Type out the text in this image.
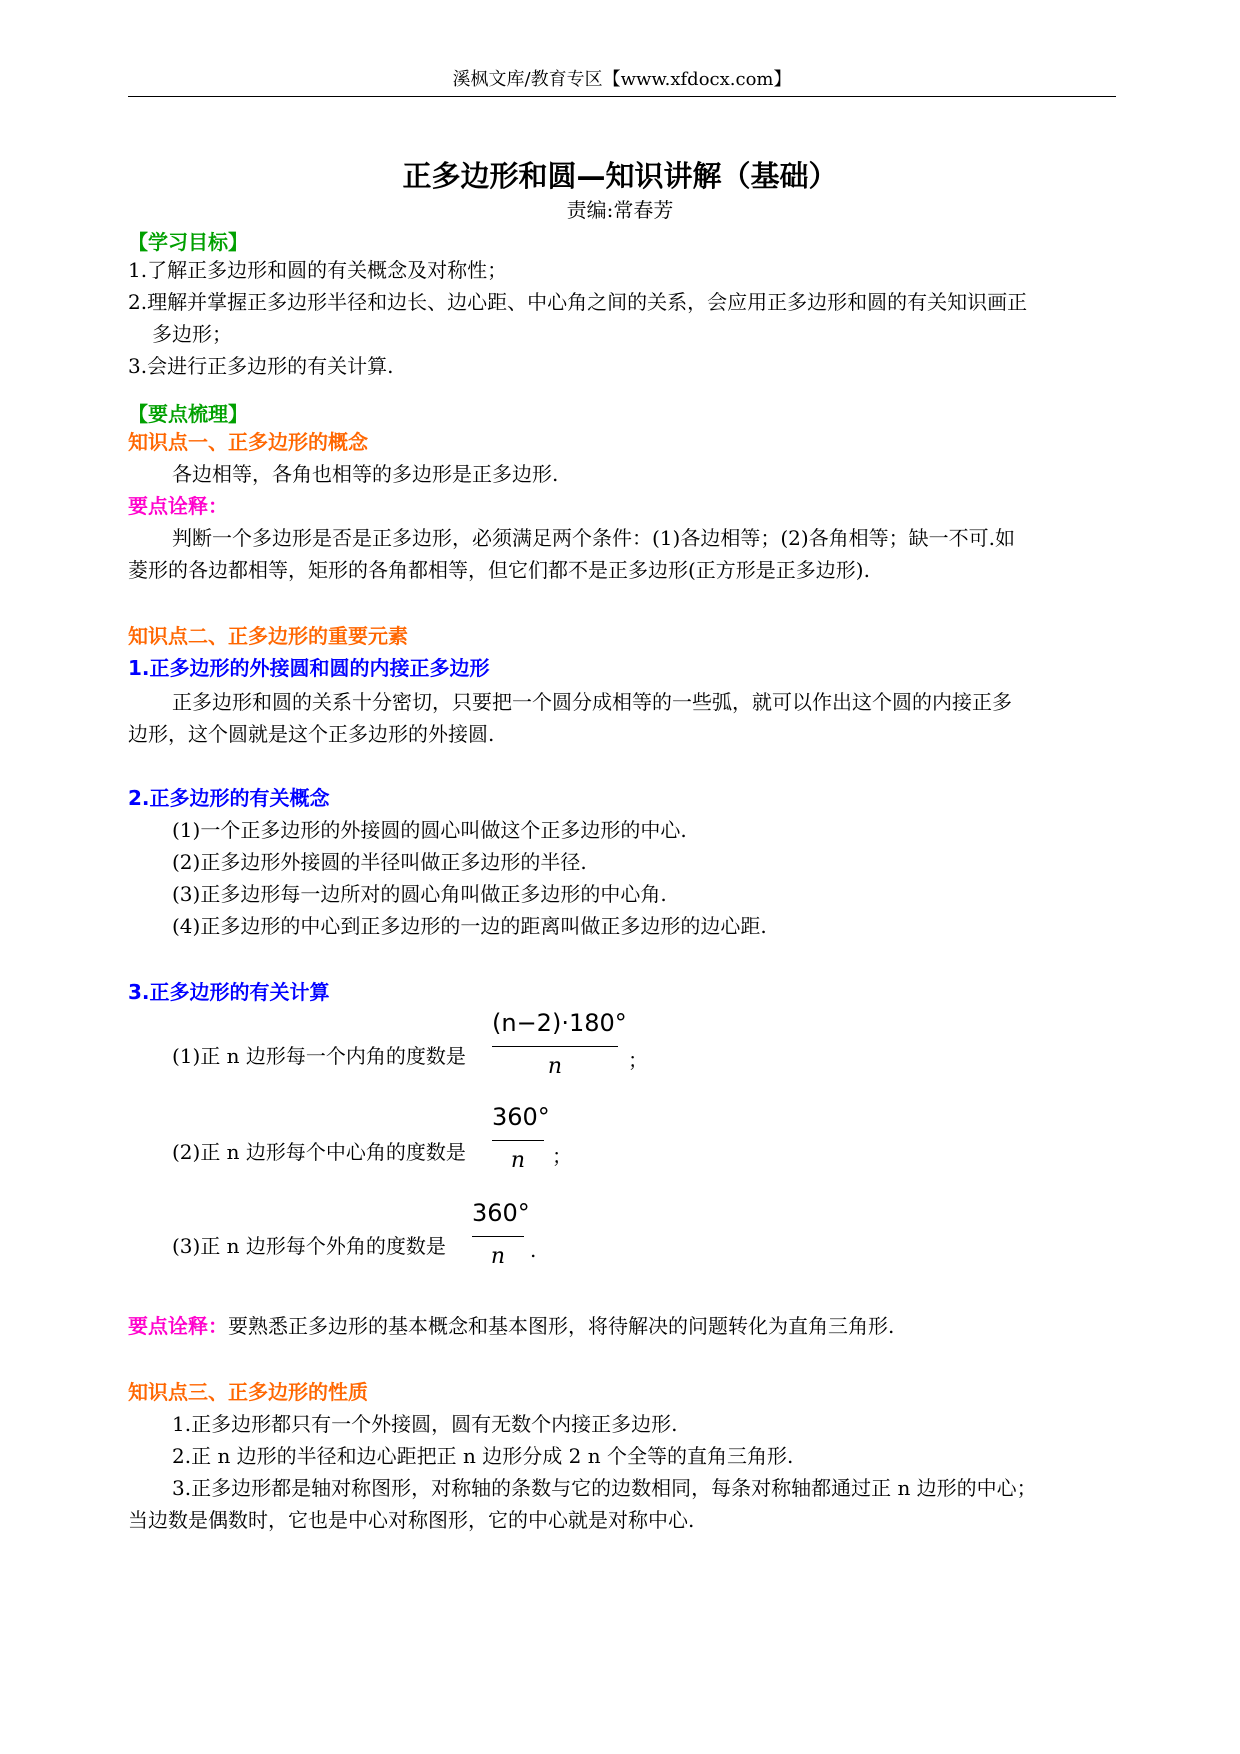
溪枫文库/教育专区【www.xfdocx.com】
正多边形和圆—知识讲解（基础）
责编:常春芳
【学习目标】
1.了解正多边形和圆的有关概念及对称性；
2.理解并掌握正多边形半径和边长、边心距、中心角之间的关系，会应用正多边形和圆的有关知识画正
多边形；
3.会进行正多边形的有关计算.
【要点梳理】
知识点一、正多边形的概念
各边相等，各角也相等的多边形是正多边形.
要点诠释：
判断一个多边形是否是正多边形，必须满足两个条件：(1)各边相等；(2)各角相等；缺一不可.如
菱形的各边都相等，矩形的各角都相等，但它们都不是正多边形(正方形是正多边形).
知识点二、正多边形的重要元素
1.正多边形的外接圆和圆的内接正多边形
正多边形和圆的关系十分密切，只要把一个圆分成相等的一些弧，就可以作出这个圆的内接正多
边形，这个圆就是这个正多边形的外接圆.
2.正多边形的有关概念
(1)一个正多边形的外接圆的圆心叫做这个正多边形的中心.
(2)正多边形外接圆的半径叫做正多边形的半径.
(3)正多边形每一边所对的圆心角叫做正多边形的中心角.
(4)正多边形的中心到正多边形的一边的距离叫做正多边形的边心距.
3.正多边形的有关计算
(1)正 n 边形每一个内角的度数是
(n−2)·180°
n	；
(2)正 n 边形每个中心角的度数是
360°
n	；
(3)正 n 边形每个外角的度数是
360°
n	.
要点诠释：要熟悉正多边形的基本概念和基本图形，将待解决的问题转化为直角三角形.
知识点三、正多边形的性质
1.正多边形都只有一个外接圆，圆有无数个内接正多边形.
2.正 n 边形的半径和边心距把正 n 边形分成 2 n 个全等的直角三角形.
3.正多边形都是轴对称图形，对称轴的条数与它的边数相同，每条对称轴都通过正 n 边形的中心；
当边数是偶数时，它也是中心对称图形，它的中心就是对称中心.
